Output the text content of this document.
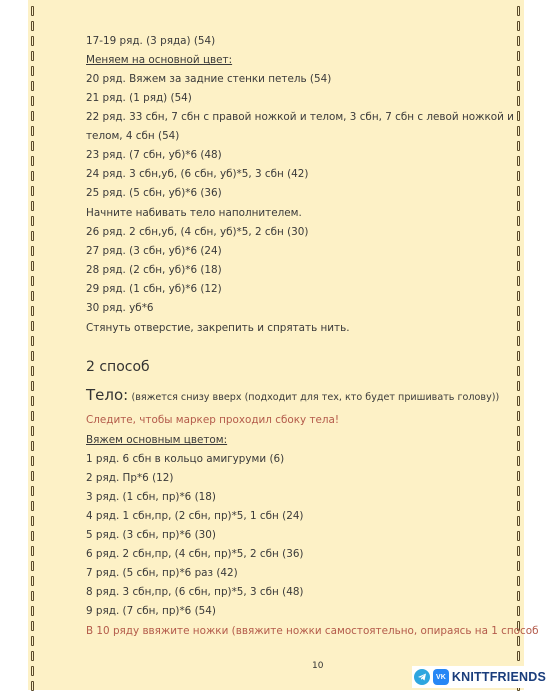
17-19 ряд. (3 ряда) (54)
Меняем на основной цвет:
20 ряд. Вяжем за задние стенки петель (54)
21 ряд. (1 ряд) (54)
22 ряд. 33 сбн, 7 сбн с правой ножкой и телом, 3 сбн, 7 сбн с левой ножкой и
телом, 4 сбн (54)
23 ряд. (7 сбн, уб)*6 (48)
24 ряд. 3 сбн,уб, (6 сбн, уб)*5, 3 сбн (42)
25 ряд. (5 сбн, уб)*6 (36)
Начните набивать тело наполнителем.
26 ряд. 2 сбн,уб, (4 сбн, уб)*5, 2 сбн (30)
27 ряд. (3 сбн, уб)*6 (24)
28 ряд. (2 сбн, уб)*6 (18)
29 ряд. (1 сбн, уб)*6 (12)
30 ряд. уб*6
Стянуть отверстие, закрепить и спрятать нить.
2 способ
Тело: (вяжется снизу вверх (подходит для тех, кто будет пришивать голову))
Следите, чтобы маркер проходил сбоку тела!
Вяжем основным цветом:
1 ряд. 6 сбн в кольцо амигуруми (6)
2 ряд. Пр*6 (12)
3 ряд. (1 сбн, пр)*6 (18)
4 ряд. 1 сбн,пр, (2 сбн, пр)*5, 1 сбн (24)
5 ряд. (3 сбн, пр)*6 (30)
6 ряд. 2 сбн,пр, (4 сбн, пр)*5, 2 сбн (36)
7 ряд. (5 сбн, пр)*6 раз (42)
8 ряд. 3 сбн,пр, (6 сбн, пр)*5, 3 сбн (48)
9 ряд. (7 сбн, пр)*6 (54)
В 10 ряду ввяжите ножки (ввяжите ножки самостоятельно, опираясь на 1 способ
10
VK KNITTFRIENDS
